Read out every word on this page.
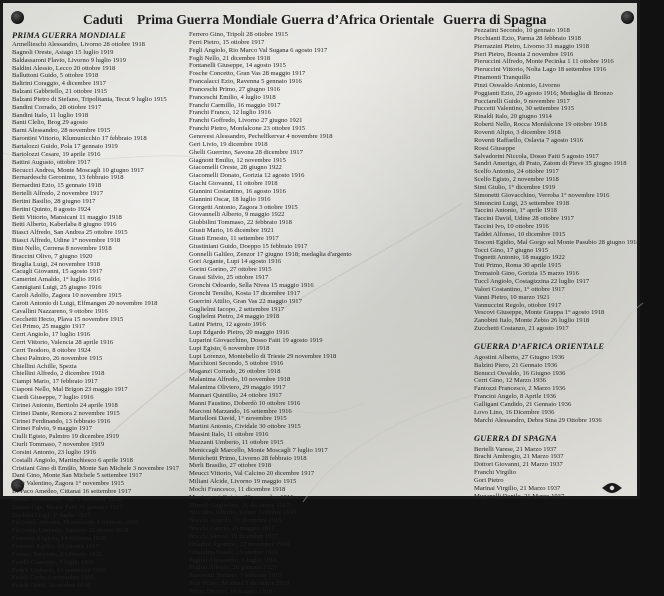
Caduti Prima Guerra Mondiale Guerra d’Africa Orientale Guerra di Spagna
PRIMA GUERRA MONDIALE
Armellieschi Alessandro, Livorno 28 ottobre 1918
Bagnoli Oreste, Asiago 15 luglio 1919
Baldassaroni Flavio, Livorno 9 luglio 1919
Baldini Alessio, Lecco 20 ottobre 1918
Balluttoni Guido, 5 ottobre 1918
Baltrini Coraggio, 4 dicembre 1917
Balzani Gabbriello, 21 ottobre 1915
Balzani Pietro di Stefano, Tripolitania, Tecut 9 luglio 1915
Bandini Corrado, 28 ottobre 1917
Bandini Italo, 11 luglio 1918
Banti Clelio, Brog 29 agosto
Barni Alessandro, 28 novembre 1915
Barontini Vittorio, Klumunicchio 17 febbraio 1918
Bartalozzi Guido, Pola 17 gennaio 1919
Bartolozzi Cesare, 19 aprile 1916
Battini Augusto, ottobre 1917
Becucci Andrea, Monte Moscagli 10 giugno 1917
Bernardeschi Geronimo, 13 febbraio 1918
Bernardini Ezio, 15 gennaio 1918
Bertelli Alfredo, 2 novembre 1917
Bertini Basilio, 28 giugno 1917
Bertini Quinto, 8 agosto 1924
Betti Vittorio, Mansicani 11 maggio 1918
Betti Alberto, Kaberlaba 8 giugno 1916
Biasci Alfredo, San Andrea 25 ottobre 1915
Biasci Alfredo, Udine 1° novembre 1918
Bini Nello, Cerrena 8 novembre 1918
Braccini Olivo, 7 giugno 1920
Braglia Luigi, 24 novembre 1918
Cacugli Giovanni, 15 agosto 1917
Camerini Arnaldo, 1° luglio 1916
Cannigiani Luigi, 25 giugno 1916
Caroli Adolfo, Zagora 10 novembre 1915
Caroti Antonio di Luigi, Elfmangen 20 novembre 1918
Cavallini Nazzareno, 9 ottobre 1916
Cecchetti Hecto, Plava 15 novembre 1915
Cei Primo, 25 maggio 1917
Cerri Angiolo, 17 luglio 1916
Cerri Vittorio, Valencia 28 aprile 1916
Cerri Teodoro, 8 ottobre 1924
Chesi Palmiro, 26 novembre 1915
Chiellini Achille, Spezia
Chiellini Alfredo, 2 dicembre 1918
Ciampi Mario, 17 febbraio 1917
Ciaponi Nello, Mal Brigon 23 maggio 1917
Ciardi Giuseppe, 7 luglio 1916
Cirinei Antonio, Bertiolo 24 aprile 1918
Cirinei Dante, Remora 2 novembre 1915
Cirinei Ferdinando, 13 febbraio 1916
Cirinei Fulvio, 9 maggio 1917
Ciulli Egisto, Palmiro 19 dicembre 1919
Ciurli Tommaso, 7 novembre 1919
Corsini Antonio, 23 luglio 1916
Costalli Angiolo, Martinchiesco 6 aprile 1918
Cristiani Gino di Emilio, Monte San Michele 3 novembre 1917
Dani Gino, Monte San Michele 5 settembre 1917
Dani Valentino, Zagora 1° novembre 1915
Di Paco Amedeo, Cittanai 16 settembre 1917
Donati Alessandro, Asti 6 dicembre 1918
Donati Ugo, Monte Faiti 31 gennaio 1917
Duchini Luigi, 1° luglio 1917
Faccenda Antonio, Monfalcone 5 febbraio 1918
Faccenda Umberto, Jamiano 21 marzo 1918
Fantozzi Angiolo, 14 febbraio 1920
Fantozzi Egidio, 10 ottobre 1917
Farnesi Torquato, 2 febbraio 1922
Favilli Giuseppe, 9 luglio 1916
Fedeli Umberto, 13 settembre 1916
Fedeli Carlo, 6 novembre 1915
Fedeli Olivo, 30 ottobre 1918
Ferrero Gino, Tripoli 28 ottobre 1915
Ferri Pietro, 15 ottobre 1917
Fegli Angiolo, Rio Marco Val Sugana 6 agosto 1917
Fogli Nello, 21 dicembre 1918
Fontanelli Giuseppe, 14 agosto 1915
Fosche Concetto, Gran Vas 28 maggio 1917
Francalacci Ezio, Ravenna 5 gennaio 1916
Franceschi Primo, 27 giugno 1916
Franceschi Emilio, 4 luglio 1918
Franchi Carmillo, 16 maggio 1917
Franchi Franco, 12 luglio 1916
Franchi Goffredo, Livorno 27 giugno 1921
Franchi Pietro, Monfalcone 23 ottobre 1915
Genovesi Alessandro, Pechelfkervar 4 novembre 1918
Geri Livio, 19 dicembre 1918
Ghelli Guerrino, Savona 28 dicembre 1917
Giagnoni Emilio, 12 novembre 1915
Giacomelli Oreste, 28 giugno 1922
Giacomelli Donato, Gorizia 12 agosto 1916
Giachi Giovanni, 11 ottobre 1918
Giannini Costantino, 16 agosto 1916
Giannini Oscar, 18 luglio 1916
Giorgetti Antonio, Zagora 3 ottobre 1915
Giovannelli Alberto, 9 maggio 1922
Giubbilini Tommaso, 22 febbraio 1918
Giusti Mario, 16 dicembre 1921
Giusti Ernesto, 11 settembre 1917
Giustiniani Guido, Doeppo 15 febbraio 1917
Gonnelli Galileo, Zenzor 17 giugno 1918; medaglia d'argento
Gori Argante, Lupi 14 agosto 1916
Gorini Gorino, 27 ottobre 1915
Grassi Silvio, 25 ottobre 1917
Gronchi Odoardo, Sella Nivea 15 maggio 1916
Gronchi Tersilio, Kosta 17 dicembre 1917
Guerrini Attilio, Gran Vas 22 maggio 1917
Guglielmi Iacopo, 2 settembre 1917
Guglielmi Pietro, 24 maggio 1918
Latini Pietro, 12 agosto 1916
Lupi Edgardo Pietro, 20 maggio 1916
Luparini Giovacchino, Dosso Faiti 19 agosto 1919
Lupi Egisto, 6 novembre 1918
Lupi Lorenzo, Montebello di Trieste 29 novembre 1918
Macchioni Secondo, 5 ottobre 1916
Maganzi Corrado, 26 ottobre 1918
Malanima Alfredo, 10 novembre 1918
Malanima Oliviero, 29 maggio 1917
Mannari Quintilio, 24 ottobre 1917
Manni Faustino, Doberdò 10 ottobre 1916
Marconi Marzando, 16 settembre 1916
Martelloni David, 1° novembre 1915
Martini Antonio, Cividale 30 ottobre 1915
Massini Italo, 11 ottobre 1916
Mazzanti Umberto, 11 ottobre 1915
Meniccagli Marcello, Monte Moscagli 7 luglio 1917
Menichetti Primo, Livorno 28 febbraio 1918
Merli Brasilio, 27 ottobre 1918
Meucci Vittorio, Val Calcino 20 dicembre 1917
Miliani Alcide, Livorno 19 maggio 1915
Mochi Francesco, 11 dicembre 1918
Montagnani Quinto, 29 novembre 1916
Morelli Guglielmo, 26 dicembre 1917
Niccolini Vittorio, Torino 3 ottobre 1915
Nocchi Angiolo, 11 dicembre 1915
Nocchi Canzio, 26 maggio 1917
Nocchi Varese, 10 dicembre 1917
Orladini Agostino, 22 novembre 1918
Orlandini Natale, 29 ottobre 1918
Pagliai Alessandro, 6 luglio 1916
Pagliai Alfredo, 26 gennaio 1923
Passerotti Stefano, 5 febbraio 1915
Pepi Primo, Modena 5 dicembre 1918
Perini Ottavio, 10 maggio 1918
Pezzatini Secondo, 10 gennaio 1918
Picchianti Ezio, Parma 28 febbraio 1918
Pierrazzini Pietro, Livorno 31 maggio 1918
Pieri Pietro, Bosnia 2 novembre 1916
Pieruccini Alfredo, Monte Pecinka 1 11 ottobre 1916
Pieruccini Vittorio, Nolta Lago 18 settembre 1916
Pinamonti Tranquillo
Pinzi Oswaldo Antonio, Livorno
Poggianti Ezio, 29 agosto 1916; Medaglia di Bronzo
Pucciarelli Guido, 9 novembre 1917
Puccetti Valentino, 30 settembre 1915
Rinaldi Italo, 20 giugno 1914
Roberti Nello, Rocca Monfalcone 19 ottobre 1918
Roventi Alipio, 3 dicembre 1918
Roventi Raffaello, Oslavia 7 agosto 1916
Rossi Giuseppe
Salvadorini Niccola, Dosso Faiti 5 agosto 1917
Sandri Amerigo, di Prato, Zatom di Pieve 35 giugno 1918
Scelfo Antonio, 24 ottobre 1917
Scelfo Egisto, 2 novembre 1918
Simi Giulio, 1° dicembre 1919
Simonetti Giovacchino, Verroba 1° novembre 1916
Simoncini Luigi, 23 settembre 1918
Taccini Antonio, 1° aprile 1918
Taccini David, Udine 28 ottobre 1917
Taccini Ivo, 10 ottobre 1916
Taddei Alfonso, 10 dicembre 1915
Tesconi Egidio, Mal Gorgo sul Monte Pasubio 28 giugno 1918
Tocci Gino, 17 giugno 1915
Tognetti Antonio, 18 maggio 1922
Toti Primo, Roma 30 aprile 1915
Tremaioli Gino, Gorizia 15 marzo 1916
Tuccl Angiolo, Costagizzina 22 luglio 1917
Valori Costantino, 1° ottobre 1917
Vanni Pietro, 10 marzo 1921
Vannuccini Regolo, ottobre 1917
Vescovi Giuseppe, Monte Grappa 1° agosto 1918
Zanobini Italo, Monte Zebio 26 luglio 1918
Zucchetti Costanzo, 21 agosto 1917
GUERRA D’AFRICA ORIENTALE
Agostini Alberto, 27 Giugno 1936
Balzini Piero, 21 Gennaio 1936
Benucci Osvaldo, 16 Giugno 1936
Cerri Gino, 12 Marzo 1936
Fantozzi Francesco, 2 Marzo 1936
Francini Angelo, 8 Aprile 1936
Galligani Candido, 21 Gennaio 1936
Lovo Lino, 16 Dicembre 1936
Marchi Alessandro, Debra Sina 29 Ottobre 1936
GUERRA DI SPAGNA
Bertelli Varese, 21 Marzo 1937
Brachi Ambrogio, 21 Marzo 1937
Dottori Giovanni, 21 Marzo 1937
Franchi Virgilio
Gori Pietro
Marinai Virgilio, 21 Marzo 1937
Muganelli Danilo, 21 Marzo 1937
